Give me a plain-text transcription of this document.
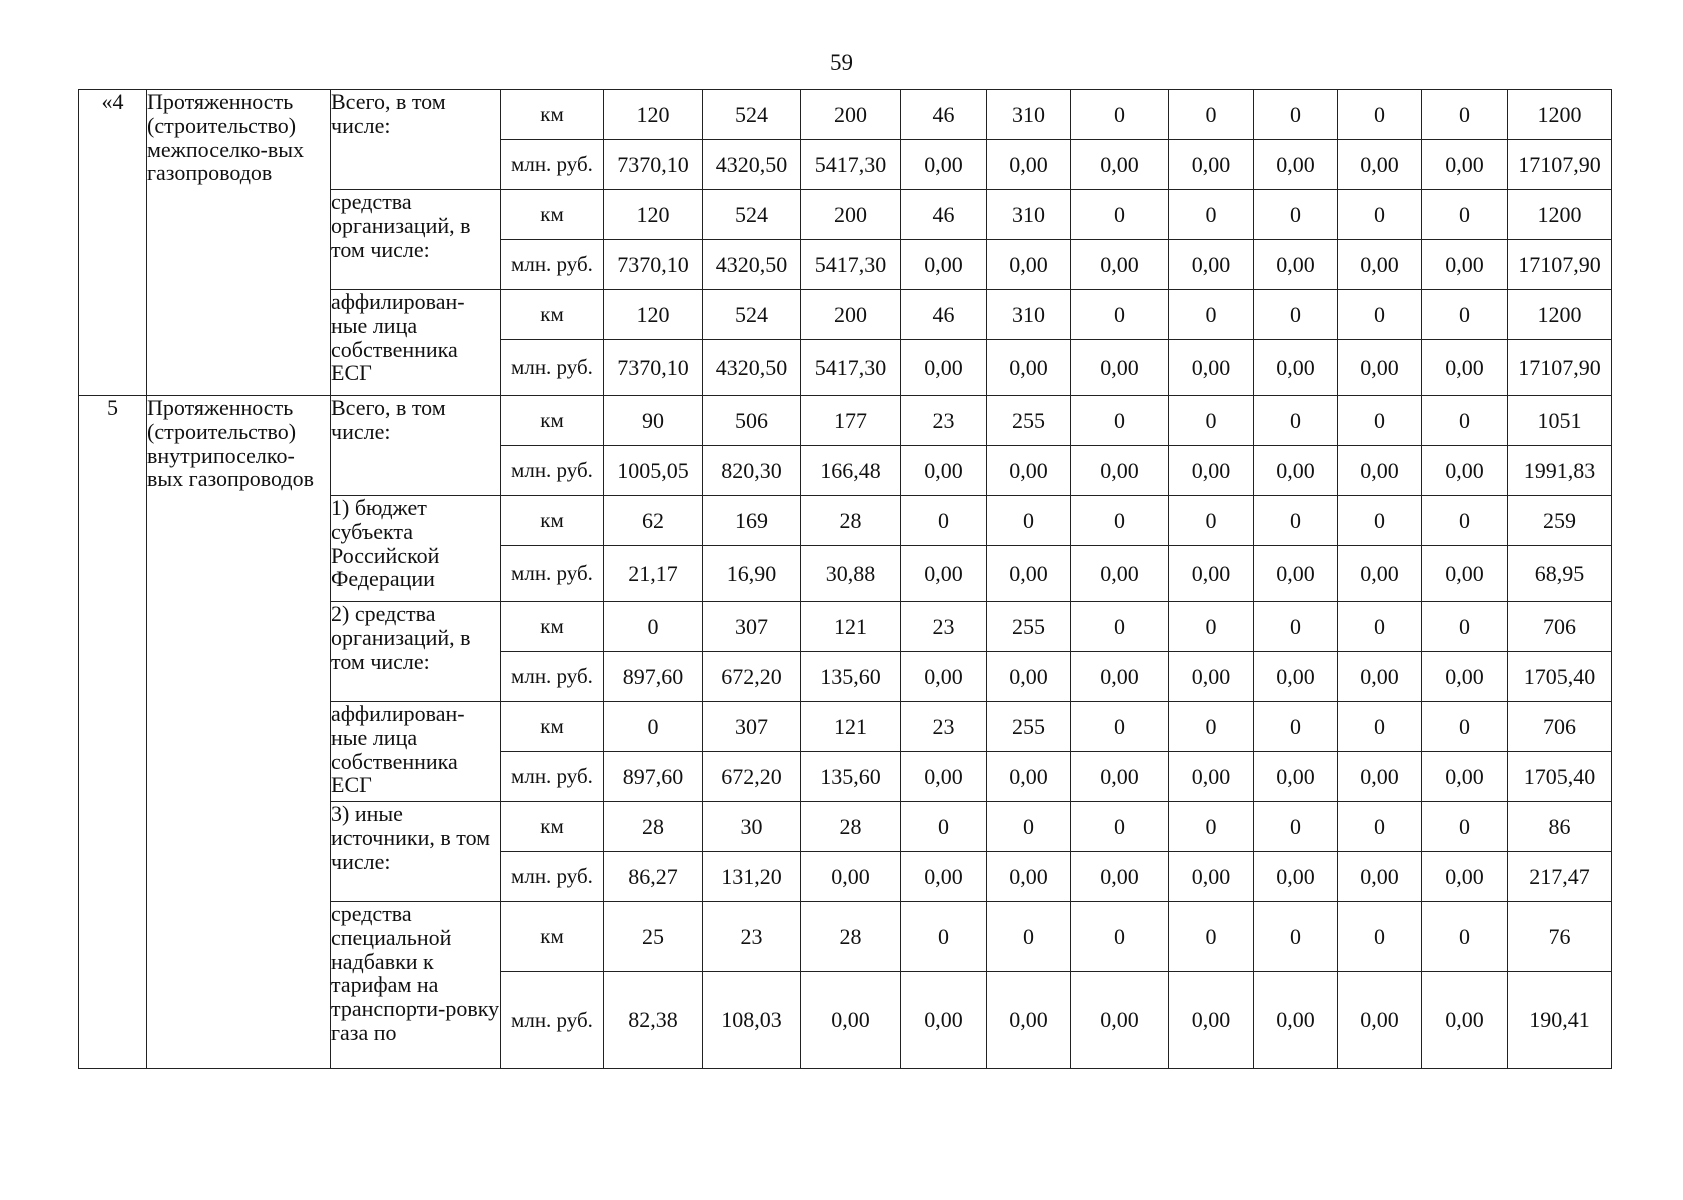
59
«4	Протяженность (строительство) межпоселко-вых газопроводов	Всего, в том числе:	км	120	524	200	46	310	0	0	0	0	0	1200
			млн. руб.	7370,10	4320,50	5417,30	0,00	0,00	0,00	0,00	0,00	0,00	0,00	17107,90
		средства организаций, в том числе:	км	120	524	200	46	310	0	0	0	0	0	1200
			млн. руб.	7370,10	4320,50	5417,30	0,00	0,00	0,00	0,00	0,00	0,00	0,00	17107,90
		аффилирован-ные лица собственника ЕСГ	км	120	524	200	46	310	0	0	0	0	0	1200
			млн. руб.	7370,10	4320,50	5417,30	0,00	0,00	0,00	0,00	0,00	0,00	0,00	17107,90
5	Протяженность (строительство) внутрипоселко-вых газопроводов	Всего, в том числе:	км	90	506	177	23	255	0	0	0	0	0	1051
			млн. руб.	1005,05	820,30	166,48	0,00	0,00	0,00	0,00	0,00	0,00	0,00	1991,83
		1) бюджет субъекта Российской Федерации	км	62	169	28	0	0	0	0	0	0	0	259
			млн. руб.	21,17	16,90	30,88	0,00	0,00	0,00	0,00	0,00	0,00	0,00	68,95
		2) средства организаций, в том числе:	км	0	307	121	23	255	0	0	0	0	0	706
			млн. руб.	897,60	672,20	135,60	0,00	0,00	0,00	0,00	0,00	0,00	0,00	1705,40
		аффилирован-ные лица собственника ЕСГ	км	0	307	121	23	255	0	0	0	0	0	706
			млн. руб.	897,60	672,20	135,60	0,00	0,00	0,00	0,00	0,00	0,00	0,00	1705,40
		3) иные источники, в том числе:	км	28	30	28	0	0	0	0	0	0	0	86
			млн. руб.	86,27	131,20	0,00	0,00	0,00	0,00	0,00	0,00	0,00	0,00	217,47
		средства специальной надбавки к тарифам на транспорти-ровку газа по	км	25	23	28	0	0	0	0	0	0	0	76
			млн. руб.	82,38	108,03	0,00	0,00	0,00	0,00	0,00	0,00	0,00	0,00	190,41
